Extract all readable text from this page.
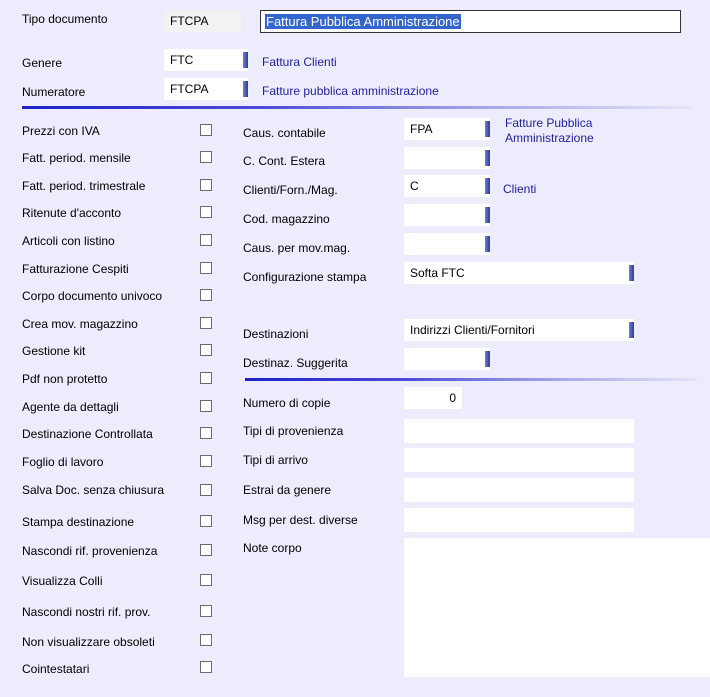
Tipo documento	FTCPA	Fattura Pubblica Amministrazione
Genere	FTC	Fattura Clienti
Numeratore	FTCPA	Fatture pubblica amministrazione
Prezzi con IVA
Fatt. period. mensile
Fatt. period. trimestrale
Ritenute d'acconto
Articoli con listino
Fatturazione Cespiti
Corpo documento univoco
Crea mov. magazzino
Gestione kit
Pdf non protetto
Agente da dettagli
Destinazione Controllata
Foglio di lavoro
Salva Doc. senza chiusura
Stampa destinazione
Nascondi rif. provenienza
Visualizza Colli
Nascondi nostri rif. prov.
Non visualizzare obsoleti
Cointestatari
Caus. contabile	FPA	Fatture Pubblica
Amministrazione
C. Cont. Estera
Clienti/Forn./Mag.	C	Clienti
Cod. magazzino
Caus. per mov.mag.
Configurazione stampa	Softa FTC
Destinazioni	Indirizzi Clienti/Fornitori
Destinaz. Suggerita
Numero di copie	0
Tipi di provenienza
Tipi di arrivo
Estrai da genere
Msg per dest. diverse
Note corpo
